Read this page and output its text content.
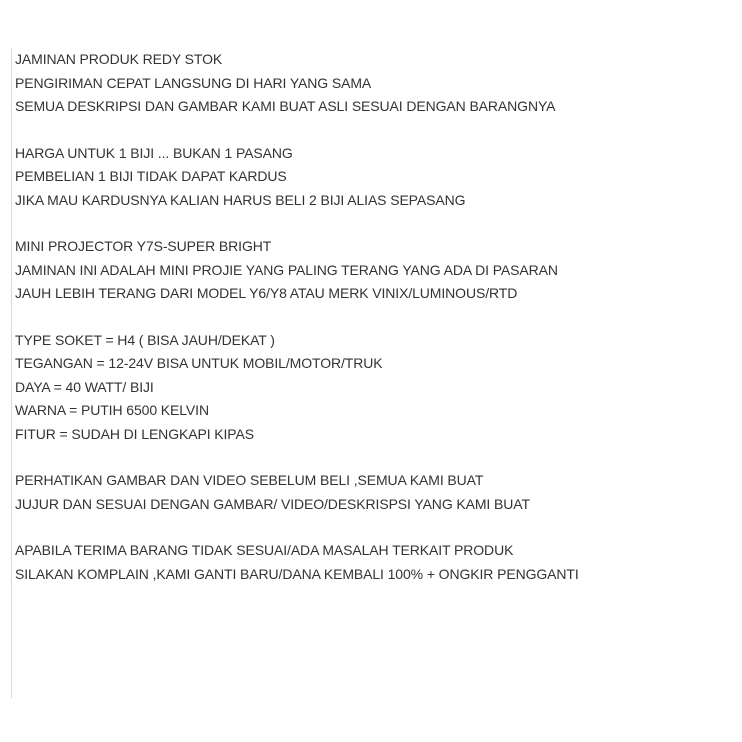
JAMINAN PRODUK REDY STOK
PENGIRIMAN CEPAT LANGSUNG DI HARI YANG SAMA
SEMUA DESKRIPSI DAN GAMBAR KAMI BUAT ASLI SESUAI DENGAN BARANGNYA
HARGA UNTUK 1 BIJI ... BUKAN 1 PASANG
PEMBELIAN 1 BIJI TIDAK DAPAT KARDUS
JIKA MAU KARDUSNYA KALIAN HARUS BELI 2 BIJI ALIAS SEPASANG
MINI PROJECTOR Y7S-SUPER BRIGHT
JAMINAN INI ADALAH MINI PROJIE YANG PALING TERANG YANG ADA DI PASARAN
JAUH LEBIH TERANG DARI MODEL Y6/Y8 ATAU MERK VINIX/LUMINOUS/RTD
TYPE SOKET = H4 ( BISA JAUH/DEKAT )
TEGANGAN = 12-24V BISA UNTUK MOBIL/MOTOR/TRUK
DAYA = 40 WATT/ BIJI
WARNA = PUTIH 6500 KELVIN
FITUR = SUDAH DI LENGKAPI KIPAS
PERHATIKAN GAMBAR DAN VIDEO SEBELUM BELI ,SEMUA KAMI BUAT
JUJUR DAN SESUAI DENGAN GAMBAR/ VIDEO/DESKRISPSI YANG KAMI BUAT
APABILA TERIMA BARANG TIDAK SESUAI/ADA MASALAH TERKAIT PRODUK
SILAKAN KOMPLAIN ,KAMI GANTI BARU/DANA KEMBALI 100% + ONGKIR PENGGANTI
